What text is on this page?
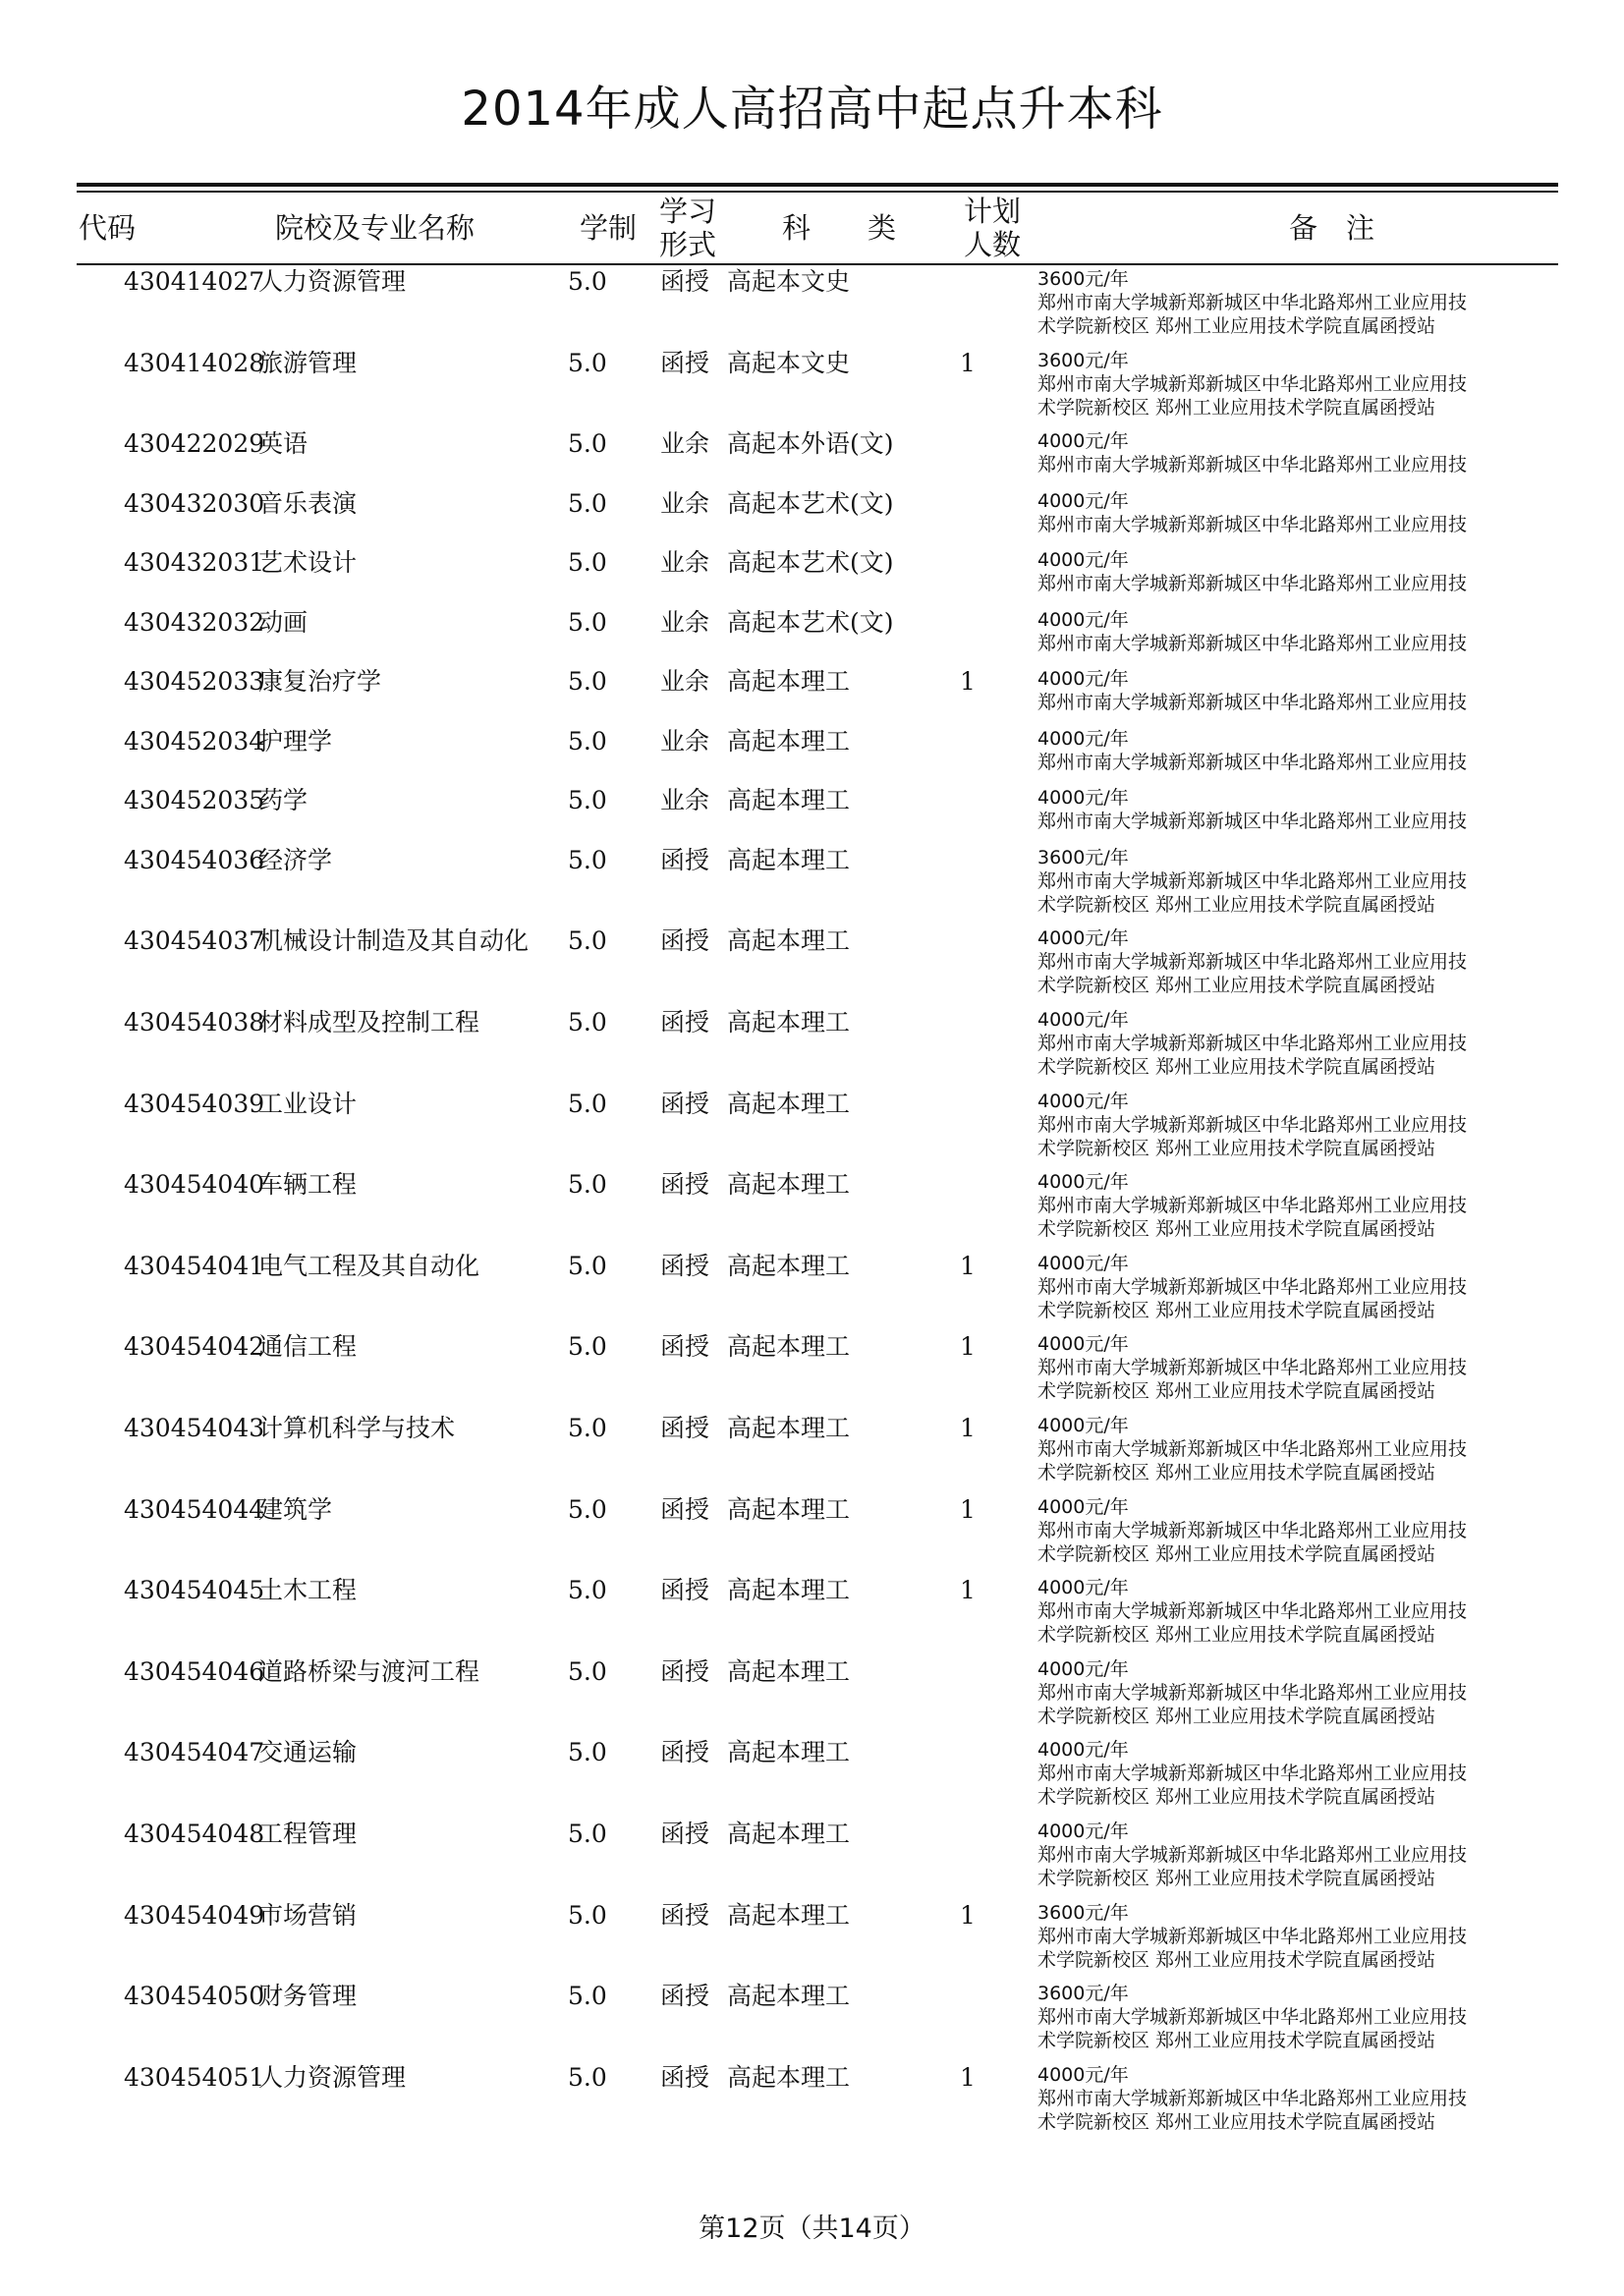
2014年成人高招高中起点升本科
代码	院校及专业名称	学制 学习
形式 科　　类 计划
人数	备　注
430414027
人力资源管理	5.0 函授 高起本文史	3600元/年
郑州市南大学城新郑新城区中华北路郑州工业应用技
术学院新校区 郑州工业应用技术学院直属函授站
430414028
旅游管理	5.0 函授 高起本文史	1	3600元/年
郑州市南大学城新郑新城区中华北路郑州工业应用技
术学院新校区 郑州工业应用技术学院直属函授站
430422029
英语	5.0 业余 高起本外语(文)	4000元/年
郑州市南大学城新郑新城区中华北路郑州工业应用技
430432030
音乐表演	5.0 业余 高起本艺术(文)	4000元/年
郑州市南大学城新郑新城区中华北路郑州工业应用技
430432031
艺术设计	5.0 业余 高起本艺术(文)	4000元/年
郑州市南大学城新郑新城区中华北路郑州工业应用技
430432032
动画	5.0 业余 高起本艺术(文)	4000元/年
郑州市南大学城新郑新城区中华北路郑州工业应用技
430452033
康复治疗学	5.0 业余 高起本理工	1	4000元/年
郑州市南大学城新郑新城区中华北路郑州工业应用技
430452034
护理学	5.0 业余 高起本理工	4000元/年
郑州市南大学城新郑新城区中华北路郑州工业应用技
430452035
药学	5.0 业余 高起本理工	4000元/年
郑州市南大学城新郑新城区中华北路郑州工业应用技
430454036
经济学	5.0 函授 高起本理工	3600元/年
郑州市南大学城新郑新城区中华北路郑州工业应用技
术学院新校区 郑州工业应用技术学院直属函授站
430454037
机械设计制造及其自动化 5.0 函授 高起本理工	4000元/年
郑州市南大学城新郑新城区中华北路郑州工业应用技
术学院新校区 郑州工业应用技术学院直属函授站
430454038
材料成型及控制工程	5.0 函授 高起本理工	4000元/年
郑州市南大学城新郑新城区中华北路郑州工业应用技
术学院新校区 郑州工业应用技术学院直属函授站
430454039
工业设计	5.0 函授 高起本理工	4000元/年
郑州市南大学城新郑新城区中华北路郑州工业应用技
术学院新校区 郑州工业应用技术学院直属函授站
430454040
车辆工程	5.0 函授 高起本理工	4000元/年
郑州市南大学城新郑新城区中华北路郑州工业应用技
术学院新校区 郑州工业应用技术学院直属函授站
430454041
电气工程及其自动化	5.0 函授 高起本理工	1	4000元/年
郑州市南大学城新郑新城区中华北路郑州工业应用技
术学院新校区 郑州工业应用技术学院直属函授站
430454042
通信工程	5.0 函授 高起本理工	1	4000元/年
郑州市南大学城新郑新城区中华北路郑州工业应用技
术学院新校区 郑州工业应用技术学院直属函授站
430454043
计算机科学与技术	5.0 函授 高起本理工	1	4000元/年
郑州市南大学城新郑新城区中华北路郑州工业应用技
术学院新校区 郑州工业应用技术学院直属函授站
430454044
建筑学	5.0 函授 高起本理工	1	4000元/年
郑州市南大学城新郑新城区中华北路郑州工业应用技
术学院新校区 郑州工业应用技术学院直属函授站
430454045
土木工程	5.0 函授 高起本理工	1	4000元/年
郑州市南大学城新郑新城区中华北路郑州工业应用技
术学院新校区 郑州工业应用技术学院直属函授站
430454046
道路桥梁与渡河工程	5.0 函授 高起本理工	4000元/年
郑州市南大学城新郑新城区中华北路郑州工业应用技
术学院新校区 郑州工业应用技术学院直属函授站
430454047
交通运输	5.0 函授 高起本理工	4000元/年
郑州市南大学城新郑新城区中华北路郑州工业应用技
术学院新校区 郑州工业应用技术学院直属函授站
430454048
工程管理	5.0 函授 高起本理工	4000元/年
郑州市南大学城新郑新城区中华北路郑州工业应用技
术学院新校区 郑州工业应用技术学院直属函授站
430454049
市场营销	5.0 函授 高起本理工	1	3600元/年
郑州市南大学城新郑新城区中华北路郑州工业应用技
术学院新校区 郑州工业应用技术学院直属函授站
430454050
财务管理	5.0 函授 高起本理工	3600元/年
郑州市南大学城新郑新城区中华北路郑州工业应用技
术学院新校区 郑州工业应用技术学院直属函授站
430454051
人力资源管理	5.0 函授 高起本理工	1	4000元/年
郑州市南大学城新郑新城区中华北路郑州工业应用技
术学院新校区 郑州工业应用技术学院直属函授站
第12页（共14页）
